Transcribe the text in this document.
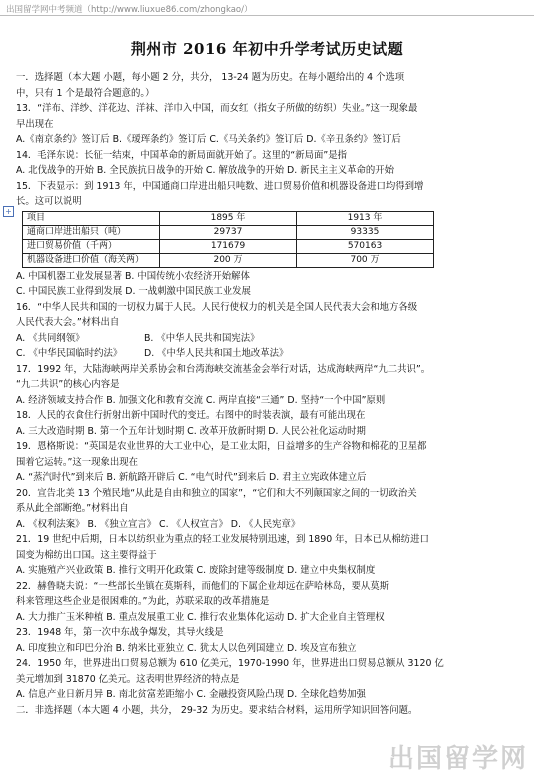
出国留学网中考频道（http://www.liuxue86.com/zhongkao/）
荆州市 2016 年初中升学考试历史试题
+
一．选择题（本大题 小题，每小题 2 分，共分， 13-24 题为历史。在每小题给出的 4 个选项
中，只有 1 个是最符合题意的。）
13．“洋布、洋纱、洋花边、洋袜、洋巾入中国，而女红（指女子所做的纺织）失业。”这一现象最
早出现在
A.《南京条约》签订后 B.《瑷珲条约》签订后 C.《马关条约》签订后 D.《辛丑条约》签订后
14．毛泽东说：长征一结束，中国革命的新局面就开始了。这里的“新局面”是指
A. 北伐战争的开始 B. 全民族抗日战争的开始 C. 解放战争的开始 D. 新民主主义革命的开始
15．下表显示：到 1913 年，中国通商口岸进出船只吨数、进口贸易价值和机器设备进口均得到增
长。这可以说明
项目	1895 年	1913 年
通商口岸进出船只（吨）	29737	93335
进口贸易价值（千两）	171679	570163
机器设备进口价值（海关两）	200 万	700 万
A. 中国机器工业发展显著 B. 中国传统小农经济开始解体
C. 中国民族工业得到发展 D. 一战刺激中国民族工业发展
16．“中华人民共和国的一切权力属于人民。人民行使权力的机关是全国人民代表大会和地方各级
人民代表大会。”材料出自
A. 《共同纲领》	B. 《中华人民共和国宪法》
C. 《中华民国临时约法》	D. 《中华人民共和国土地改革法》
17．1992 年，大陆海峡两岸关系协会和台湾海峡交流基金会举行对话，达成海峡两岸“九二共识”。
“九二共识”的核心内容是
A. 经济领域支持合作 B. 加强文化和教育交流 C. 两岸直接“三通” D. 坚持“一个中国”原则
18．人民的衣食住行折射出新中国时代的变迁。右图中的时装表演，最有可能出现在
A. 三大改造时期 B. 第一个五年计划时期 C. 改革开放新时期 D. 人民公社化运动时期
19．恩格斯说：“英国是农业世界的大工业中心，是工业太阳，日益增多的生产谷物和棉花的卫星都
围着它运转。”这一现象出现在
A. “蒸汽时代”到来后 B. 新航路开辟后 C. “电气时代”到来后 D. 君主立宪政体建立后
20．宣告北美 13 个殖民地“从此是自由和独立的国家”，“它们和大不列颠国家之间的一切政治关
系从此全部断绝。”材料出自
A. 《权利法案》 B. 《独立宣言》 C. 《人权宣言》 D. 《人民宪章》
21．19 世纪中后期，日本以纺织业为重点的轻工业发展特别迅速，到 1890 年，日本已从棉纺进口
国变为棉纺出口国。这主要得益于
A. 实施殖产兴业政策 B. 推行文明开化政策 C. 废除封建等级制度 D. 建立中央集权制度
22．赫鲁晓夫说：“一些部长坐镇在莫斯科，而他们的下属企业却远在萨哈林岛，要从莫斯
科来管理这些企业是很困难的。”为此，苏联采取的改革措施是
A. 大力推广玉米种植 B. 重点发展重工业 C. 推行农业集体化运动 D. 扩大企业自主管理权
23．1948 年，第一次中东战争爆发，其导火线是
A. 印度独立和印巴分治 B. 纳米比亚独立 C. 犹太人以色列国建立 D. 埃及宣布独立
24．1950 年，世界进出口贸易总额为 610 亿美元，1970-1990 年，世界进出口贸易总额从 3120 亿
美元增加到 31870 亿美元。这表明世界经济的特点是
A. 信息产业日新月异 B. 南北贫富差距缩小 C. 金融投资风险凸现 D. 全球化趋势加强
二．非选择题（本大题 4 小题，共分， 29-32 为历史。要求结合材料，运用所学知识回答问题。
出国留学网
